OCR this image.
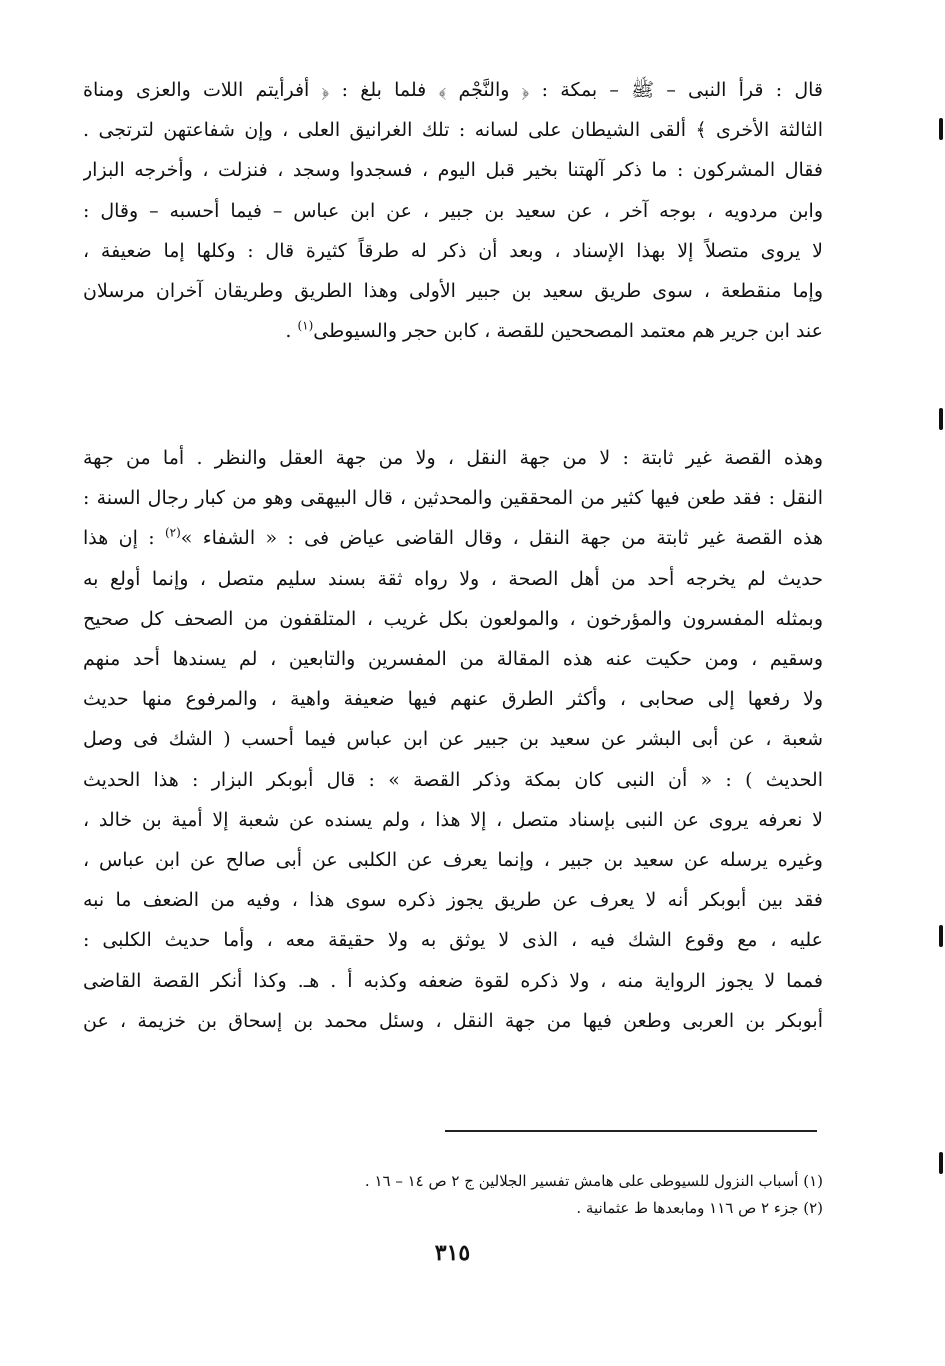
قال : قرأ النبى – ﷺ – بمكة : ﴿ والنَّجْم ﴾ فلما بلغ : ﴿ أفرأيتم اللات والعزى ومناة
الثالثة الأخرى ﴾ ألقى الشيطان على لسانه : تلك الغرانيق العلى ، وإن شفاعتهن لترتجى .
فقال المشركون : ما ذكر آلهتنا بخير قبل اليوم ، فسجدوا وسجد ، فنزلت ، وأخرجه البزار
وابن مردويه ، بوجه آخر ، عن سعيد بن جبير ، عن ابن عباس – فيما أحسبه – وقال :
لا يروى متصلاً إلا بهذا الإسناد ، وبعد أن ذكر له طرقاً كثيرة قال : وكلها إما ضعيفة ،
وإما منقطعة ، سوى طريق سعيد بن جبير الأولى وهذا الطريق وطريقان آخران مرسلان
عند ابن جرير هم معتمد المصححين للقصة ، كابن حجر والسيوطى$^{(١)}$ .
وهذه القصة غير ثابتة : لا من جهة النقل ، ولا من جهة العقل والنظر . أما من جهة
النقل : فقد طعن فيها كثير من المحققين والمحدثين ، قال البيهقى وهو من كبار رجال السنة :
هذه القصة غير ثابتة من جهة النقل ، وقال القاضى عياض فى : « الشفاء »$^{(٢)}$ : إن هذا
حديث لم يخرجه أحد من أهل الصحة ، ولا رواه ثقة بسند سليم متصل ، وإنما أولع به
وبمثله المفسرون والمؤرخون ، والمولعون بكل غريب ، المتلقفون من الصحف كل صحيح
وسقيم ، ومن حكيت عنه هذه المقالة من المفسرين والتابعين ، لم يسندها أحد منهم
ولا رفعها إلى صحابى ، وأكثر الطرق عنهم فيها ضعيفة واهية ، والمرفوع منها حديث
شعبة ، عن أبى البشر عن سعيد بن جبير عن ابن عباس فيما أحسب ( الشك فى وصل
الحديث ) : « أن النبى كان بمكة وذكر القصة » : قال أبوبكر البزار : هذا الحديث
لا نعرفه يروى عن النبى بإسناد متصل ، إلا هذا ، ولم يسنده عن شعبة إلا أمية بن خالد ،
وغيره يرسله عن سعيد بن جبير ، وإنما يعرف عن الكلبى عن أبى صالح عن ابن عباس ،
فقد بين أبوبكر أنه لا يعرف عن طريق يجوز ذكره سوى هذا ، وفيه من الضعف ما نبه
عليه ، مع وقوع الشك فيه ، الذى لا يوثق به ولا حقيقة معه ، وأما حديث الكلبى :
فمما لا يجوز الرواية منه ، ولا ذكره لقوة ضعفه وكذبه أ . هـ. وكذا أنكر القصة القاضى
أبوبكر بن العربى وطعن فيها من جهة النقل ، وسئل محمد بن إسحاق بن خزيمة ، عن
(١) أسباب النزول للسيوطى على هامش تفسير الجلالين ج ٢ ص ١٤ – ١٦ .
(٢) جزء ٢ ص ١١٦ ومابعدها ط عثمانية .
٣١٥
